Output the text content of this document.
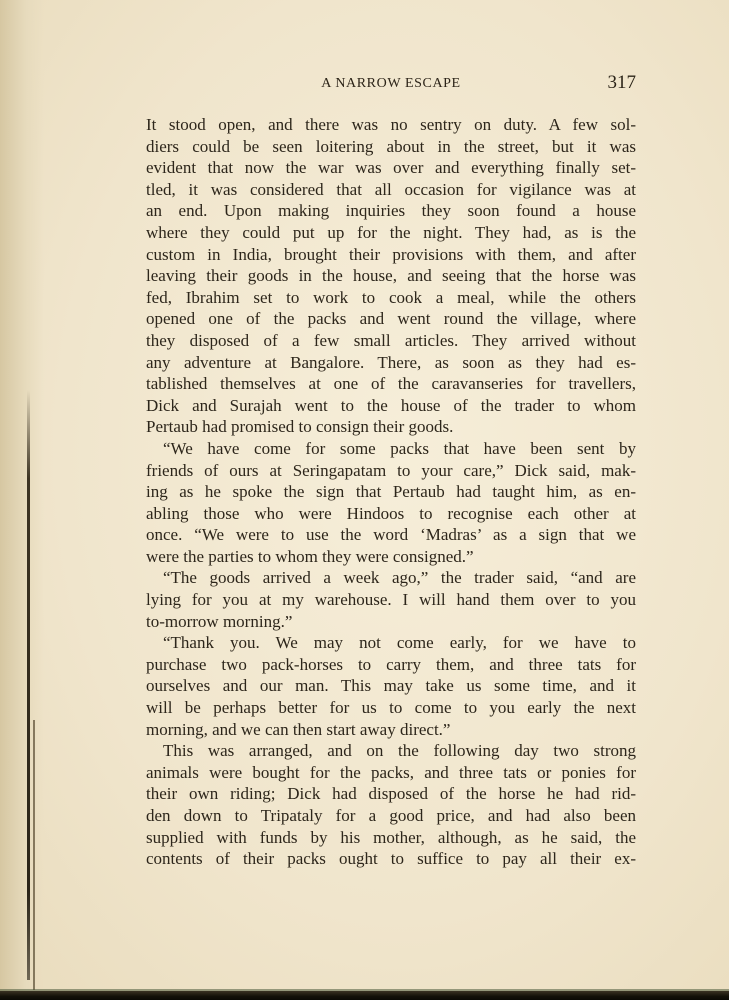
A NARROW ESCAPE	317
It stood open, and there was no sentry on duty. A few sol-
diers could be seen loitering about in the street, but it was
evident that now the war was over and everything finally set-
tled, it was considered that all occasion for vigilance was at
an end. Upon making inquiries they soon found a house
where they could put up for the night. They had, as is the
custom in India, brought their provisions with them, and after
leaving their goods in the house, and seeing that the horse was
fed, Ibrahim set to work to cook a meal, while the others
opened one of the packs and went round the village, where
they disposed of a few small articles. They arrived without
any adventure at Bangalore. There, as soon as they had es-
tablished themselves at one of the caravanseries for travellers,
Dick and Surajah went to the house of the trader to whom
Pertaub had promised to consign their goods.
“We have come for some packs that have been sent by
friends of ours at Seringapatam to your care,” Dick said, mak-
ing as he spoke the sign that Pertaub had taught him, as en-
abling those who were Hindoos to recognise each other at
once. “We were to use the word ‘Madras’ as a sign that we
were the parties to whom they were consigned.”
“The goods arrived a week ago,” the trader said, “and are
lying for you at my warehouse. I will hand them over to you
to-morrow morning.”
“Thank you. We may not come early, for we have to
purchase two pack-horses to carry them, and three tats for
ourselves and our man. This may take us some time, and it
will be perhaps better for us to come to you early the next
morning, and we can then start away direct.”
This was arranged, and on the following day two strong
animals were bought for the packs, and three tats or ponies for
their own riding; Dick had disposed of the horse he had rid-
den down to Tripataly for a good price, and had also been
supplied with funds by his mother, although, as he said, the
contents of their packs ought to suffice to pay all their ex-
